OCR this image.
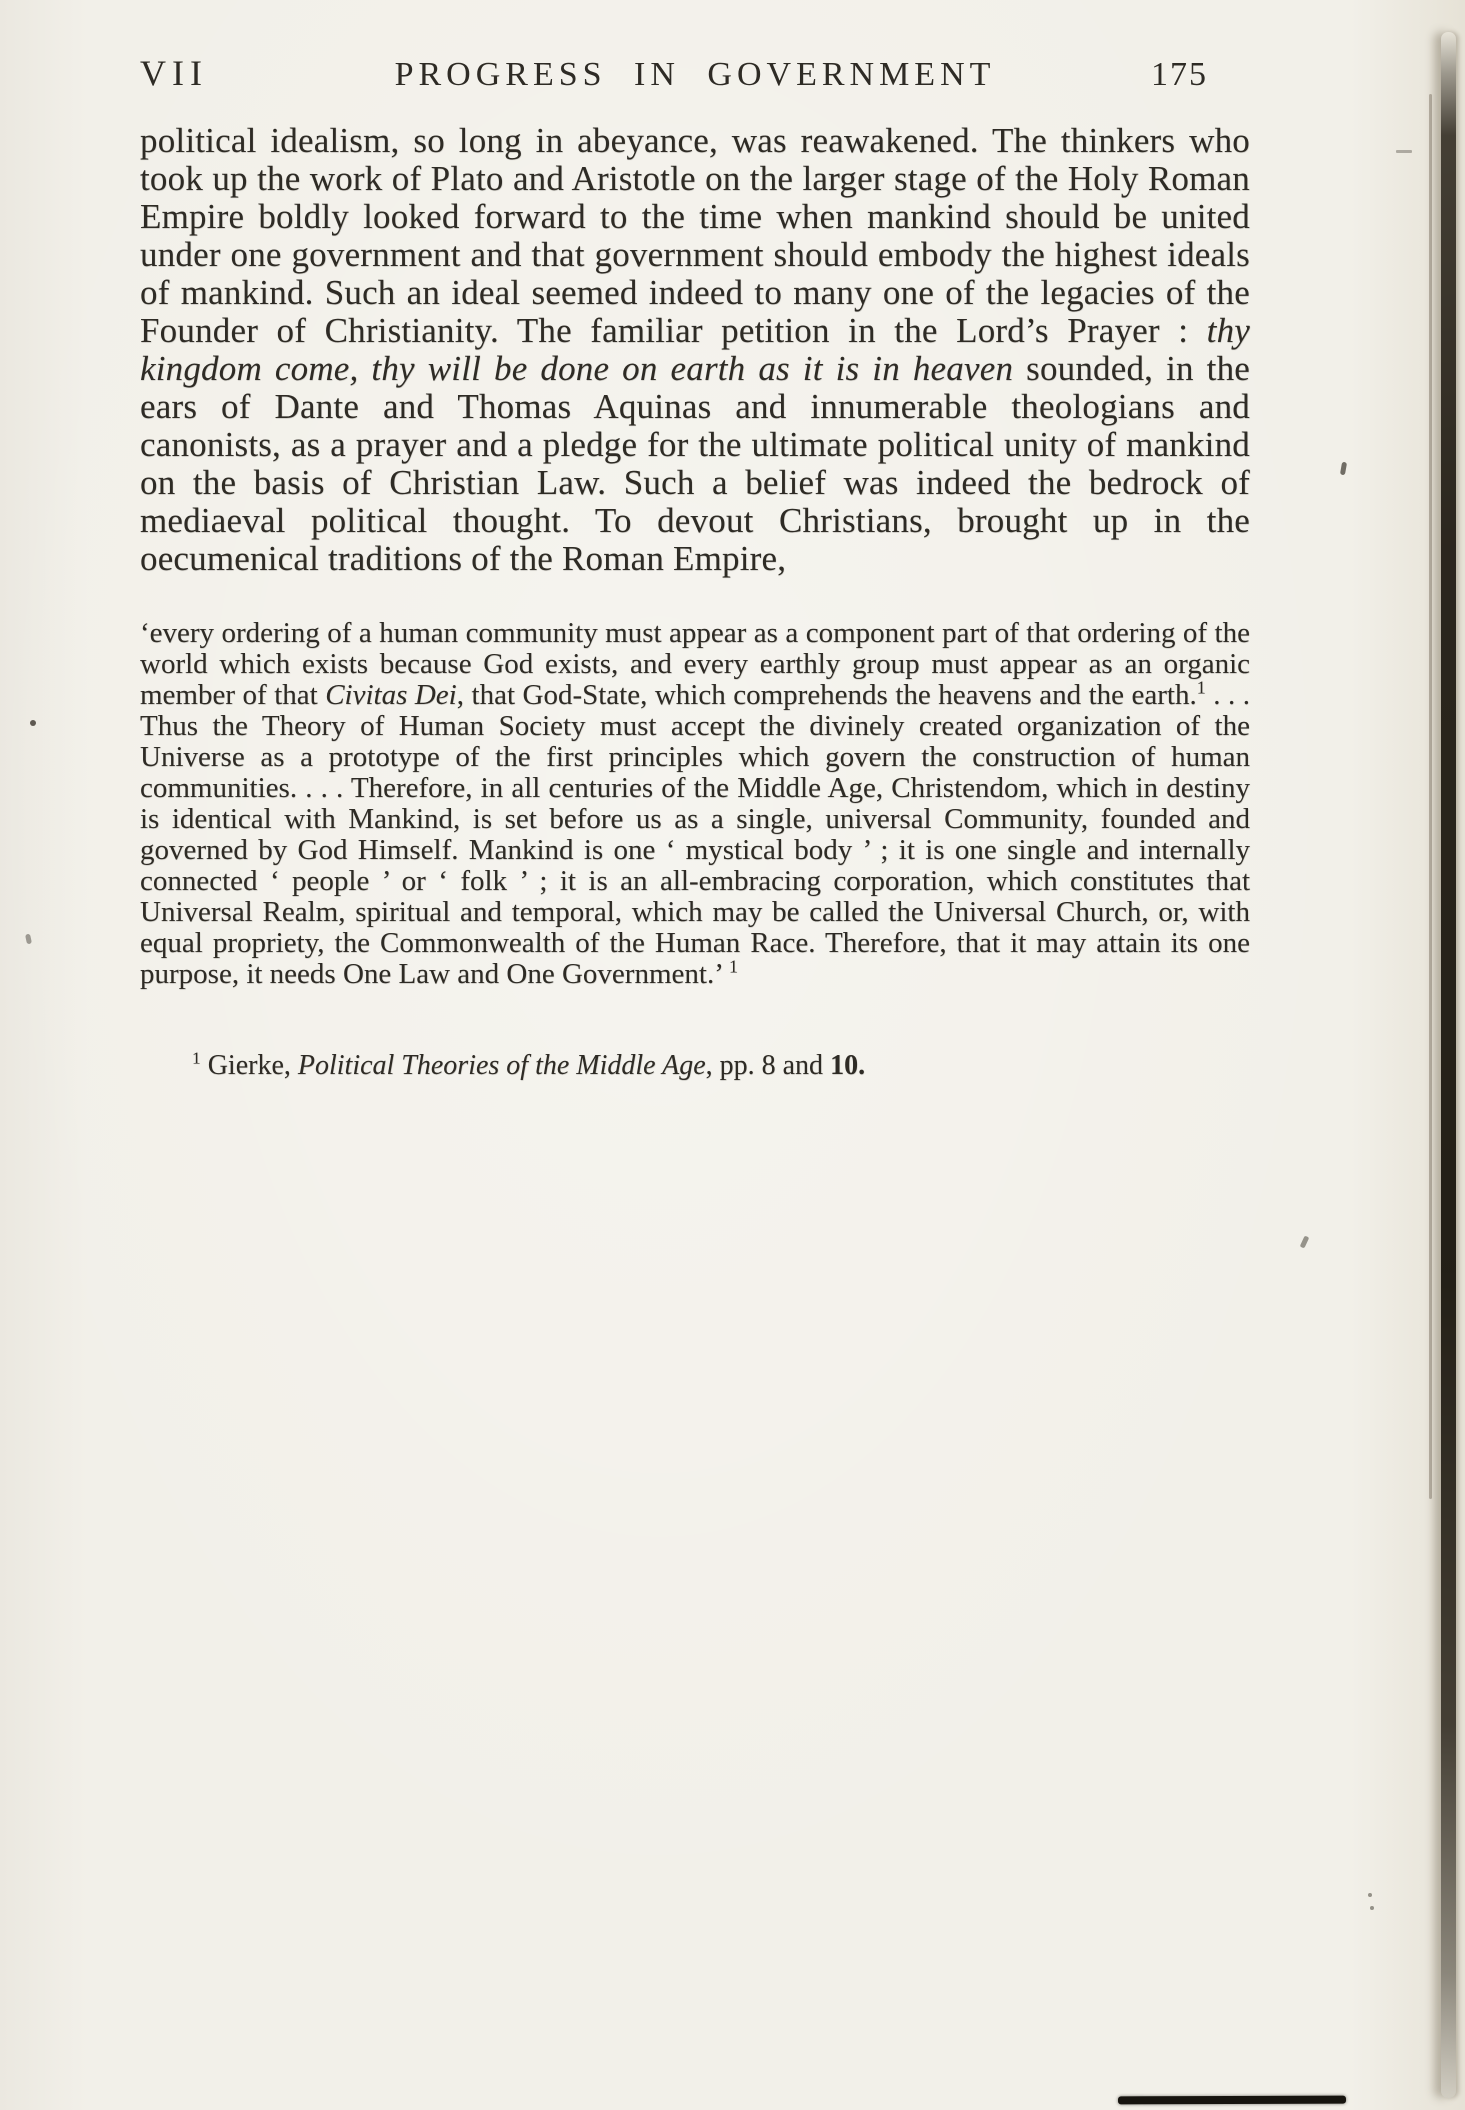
VII	PROGRESS IN GOVERNMENT	175

political idealism, so long in abeyance, was reawakened. The thinkers who took up the work of Plato and Aristotle on the larger stage of the Holy Roman Empire boldly looked forward to the time when mankind should be united under one government and that government should embody the highest ideals of mankind. Such an ideal seemed indeed to many one of the legacies of the Founder of Christianity. The familiar petition in the Lord’s Prayer : thy kingdom come, thy will be done on earth as it is in heaven sounded, in the ears of Dante and Thomas Aquinas and innumerable theologians and canonists, as a prayer and a pledge for the ultimate political unity of mankind on the basis of Christian Law. Such a belief was indeed the bedrock of mediaeval political thought. To devout Christians, brought up in the oecumenical traditions of the Roman Empire,

‘every ordering of a human community must appear as a component part of that ordering of the world which exists because God exists, and every earthly group must appear as an organic member of that Civitas Dei, that God-State, which comprehends the heavens and the earth.$^1$ . . . Thus the Theory of Human Society must accept the divinely created organization of the Universe as a prototype of the first principles which govern the construction of human communities. . . . Therefore, in all centuries of the Middle Age, Christendom, which in destiny is identical with Mankind, is set before us as a single, universal Community, founded and governed by God Himself. Mankind is one ‘ mystical body ’ ; it is one single and internally connected ‘ people ’ or ‘ folk ’ ; it is an all-embracing corporation, which constitutes that Universal Realm, spiritual and temporal, which may be called the Universal Church, or, with equal propriety, the Commonwealth of the Human Race. Therefore, that it may attain its one purpose, it needs One Law and One Government.’ $^1$

$^1$ Gierke, Political Theories of the Middle Age, pp. 8 and 10.
